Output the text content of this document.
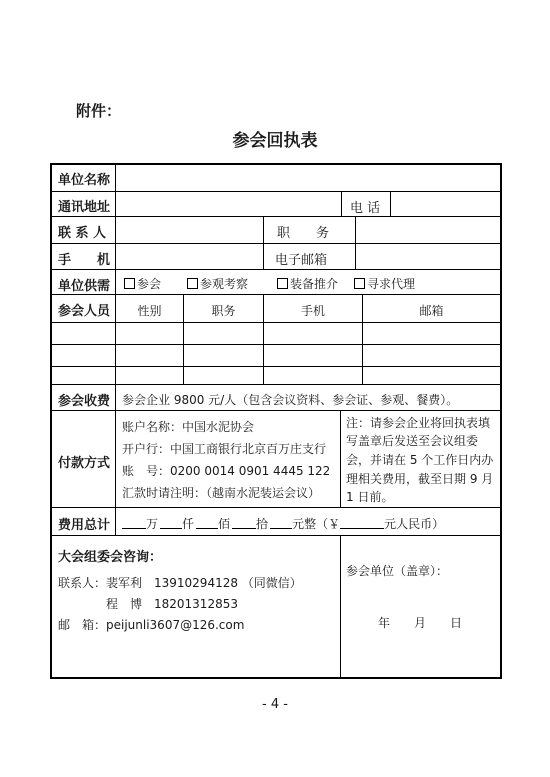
附件：
参会回执表
单位名称
通讯地址	电 话
联 系 人	职　　务
手　　机	电子邮箱
单位供需	参会	参观考察	装备推介	寻求代理
参会人员	性别	职务	手机	邮箱
参会收费 参会企业 9800 元/人（包含会议资料、参会证、参观、餐费）。
付款方式
账户名称：中国水泥协会
开户行：中国工商银行北京百万庄支行
账　号：0200 0014 0901 4445 122
汇款时请注明：（越南水泥装运会议）
注：请参会企业将回执表填
写盖章后发送至会议组委
会，并请在 5 个工作日内办
理相关费用，截至日期 9 月
1 日前。
费用总计	万 仟 佰 拾 元整（￥	元人民币）
大会组委会咨询：
联系人：裴军利　13910294128 （同微信）
　　　　程　博　18201312853
邮　箱：peijunli3607@126.com
参会单位（盖章）：
年　　月　　日
- 4 -
